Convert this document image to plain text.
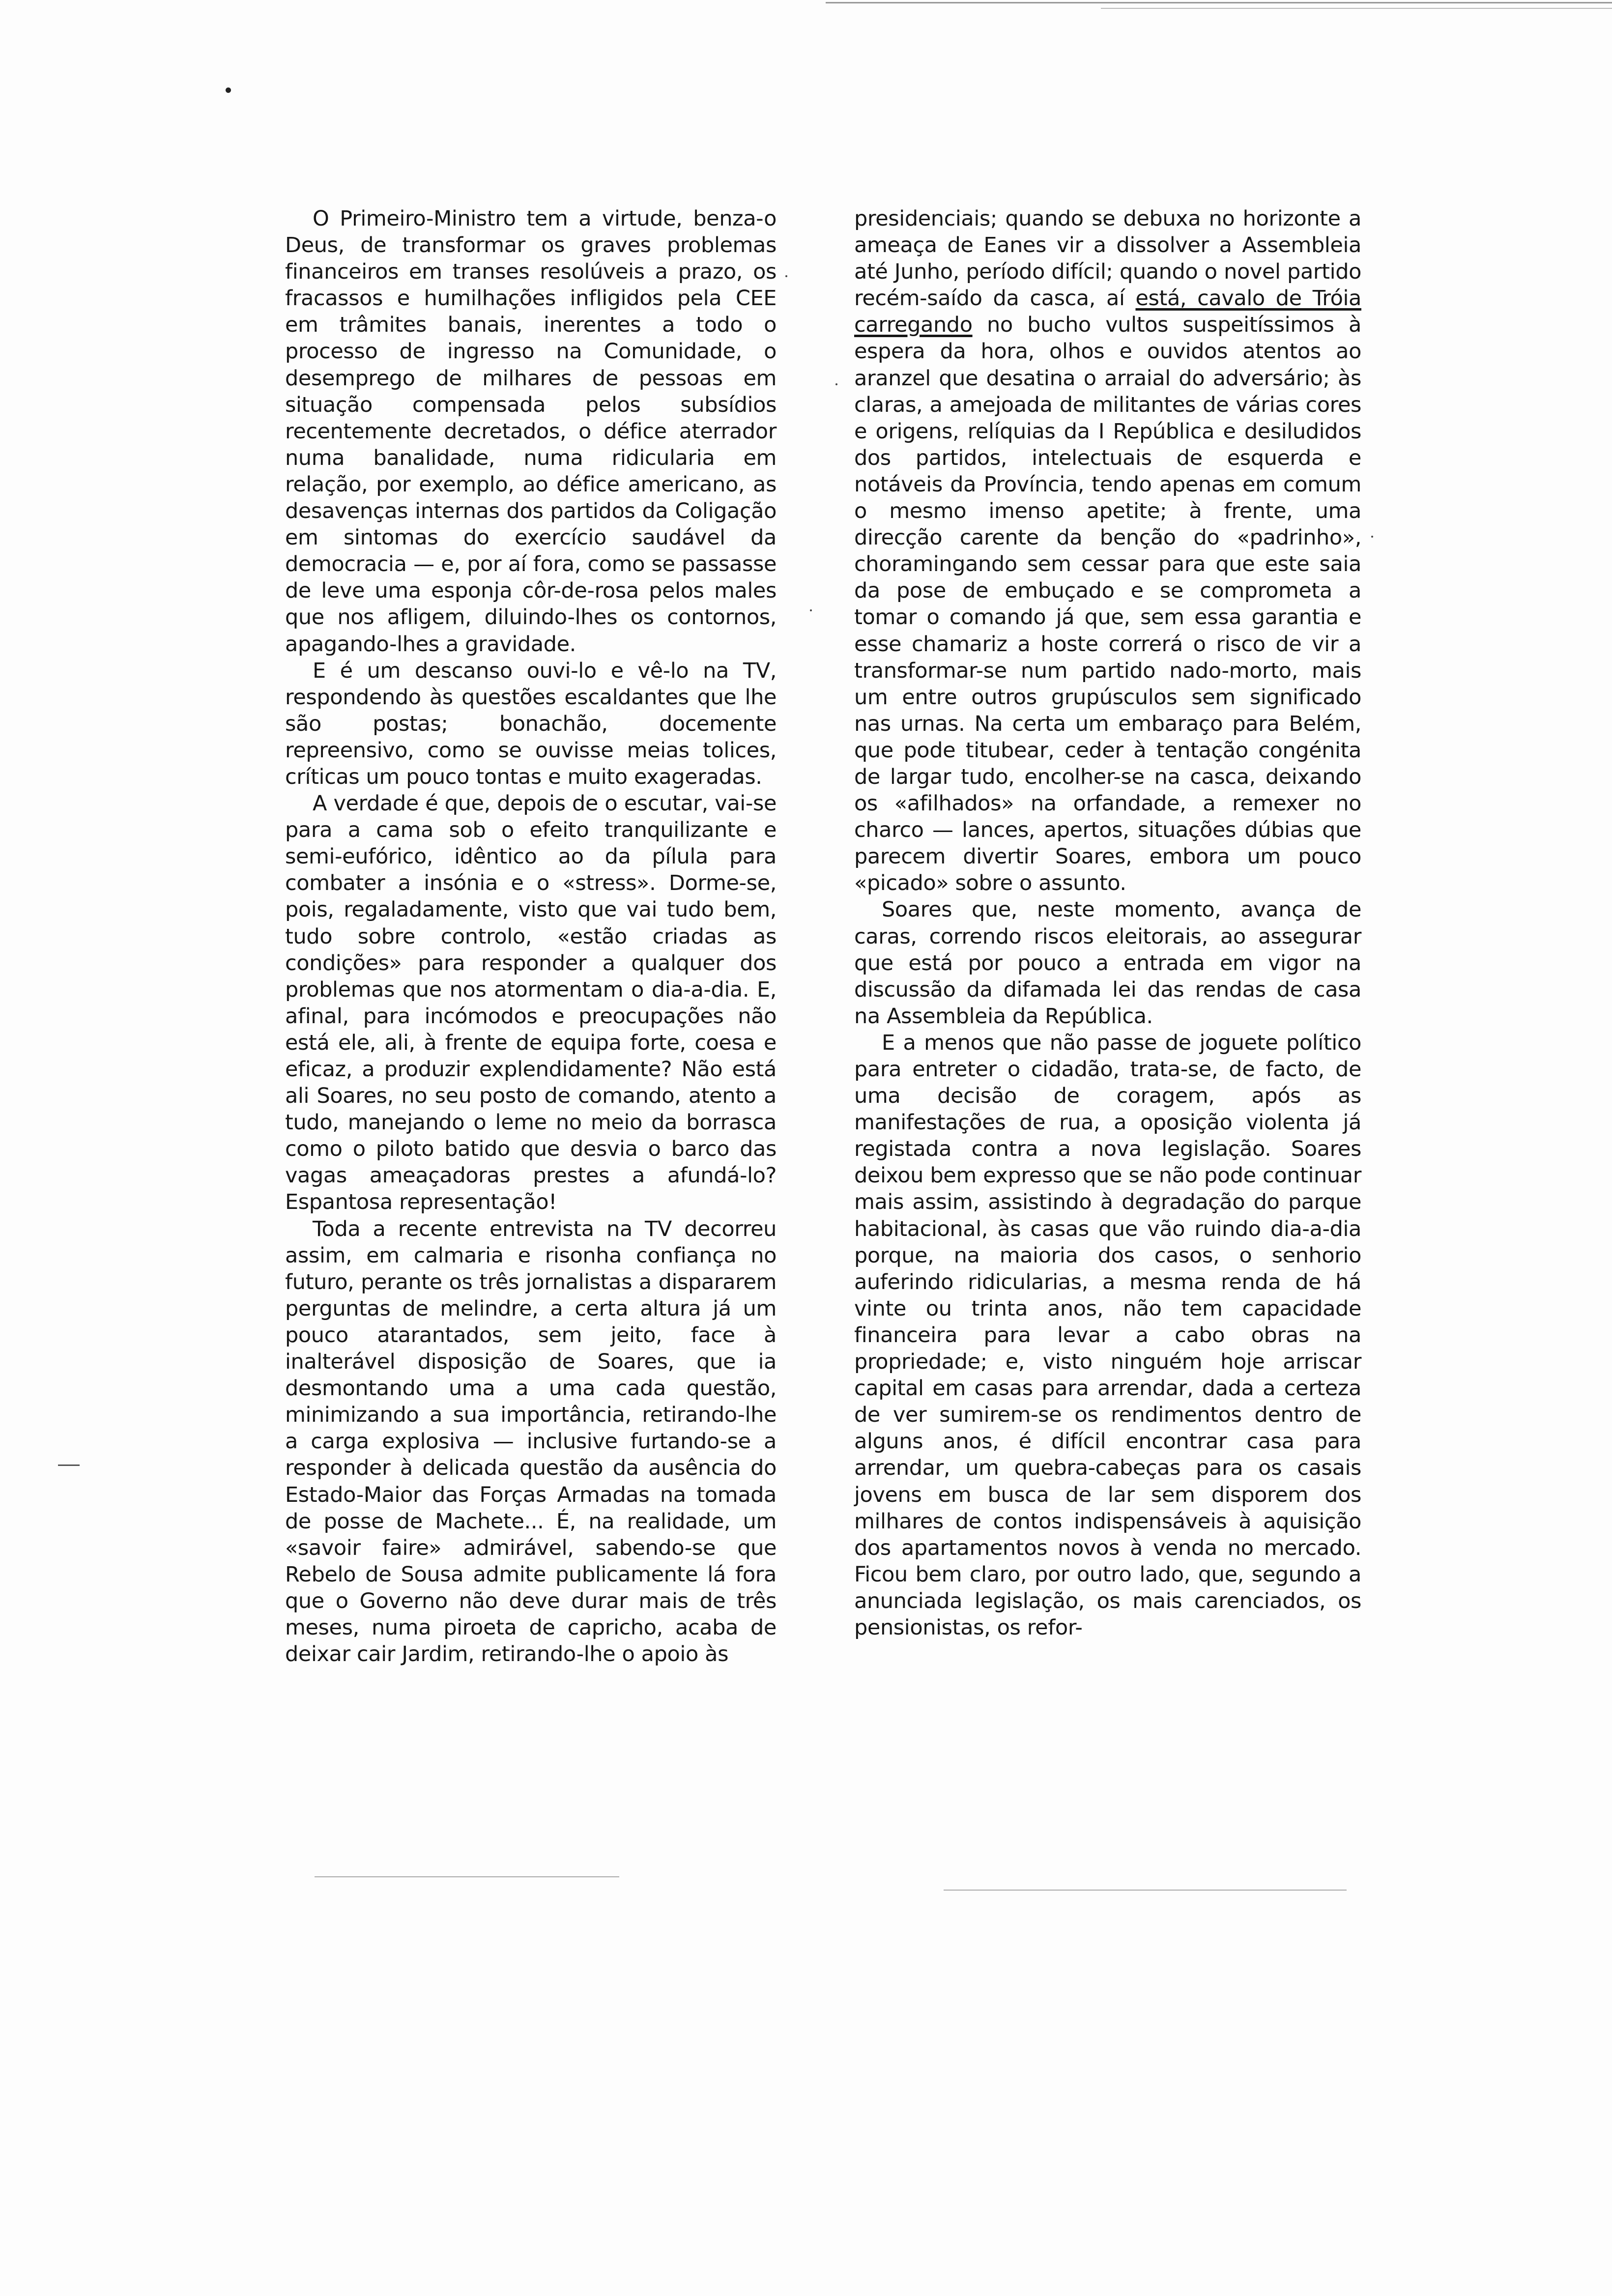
O Primeiro-Ministro tem a virtude, benza-o Deus, de transformar os graves problemas financeiros em transes resolúveis a prazo, os fracassos e humilhações infligidos pela CEE em trâmites banais, inerentes a todo o processo de ingresso na Comunidade, o desemprego de milhares de pessoas em situação compensada pelos subsídios recentemente decretados, o défice aterrador numa banalidade, numa ridicularia em relação, por exemplo, ao défice americano, as desavenças internas dos partidos da Coligação em sintomas do exercício saudável da democracia — e, por aí fora, como se passasse de leve uma esponja côr-de-rosa pelos males que nos afligem, diluindo-lhes os contornos, apagando-lhes a gravidade.

E é um descanso ouvi-lo e vê-lo na TV, respondendo às questões escaldantes que lhe são postas; bonachão, docemente repreensivo, como se ouvisse meias tolices, críticas um pouco tontas e muito exageradas.

A verdade é que, depois de o escutar, vai-se para a cama sob o efeito tranquilizante e semi-eufórico, idêntico ao da pílula para combater a insónia e o «stress». Dorme-se, pois, regaladamente, visto que vai tudo bem, tudo sobre controlo, «estão criadas as condições» para responder a qualquer dos problemas que nos atormentam o dia-a-dia. E, afinal, para incómodos e preocupações não está ele, ali, à frente de equipa forte, coesa e eficaz, a produzir explendidamente? Não está ali Soares, no seu posto de comando, atento a tudo, manejando o leme no meio da borrasca como o piloto batido que desvia o barco das vagas ameaçadoras prestes a afundá-lo? Espantosa representação!

Toda a recente entrevista na TV decorreu assim, em calmaria e risonha confiança no futuro, perante os três jornalistas a dispararem perguntas de melindre, a certa altura já um pouco atarantados, sem jeito, face à inalterável disposição de Soares, que ia desmontando uma a uma cada questão, minimizando a sua importância, retirando-lhe a carga explosiva — inclusive furtando-se a responder à delicada questão da ausência do Estado-Maior das Forças Armadas na tomada de posse de Machete... É, na realidade, um «savoir faire» admirável, sabendo-se que Rebelo de Sousa admite publicamente lá fora que o Governo não deve durar mais de três meses, numa piroeta de capricho, acaba de deixar cair Jardim, retirando-lhe o apoio às

presidenciais; quando se debuxa no horizonte a ameaça de Eanes vir a dissolver a Assembleia até Junho, período difícil; quando o novel partido recém-saído da casca, aí está, cavalo de Tróia carregando no bucho vultos suspeitíssimos à espera da hora, olhos e ouvidos atentos ao aranzel que desatina o arraial do adversário; às claras, a amejoada de militantes de várias cores e origens, relíquias da I República e desiludidos dos partidos, intelectuais de esquerda e notáveis da Província, tendo apenas em comum o mesmo imenso apetite; à frente, uma direcção carente da benção do «padrinho», choramingando sem cessar para que este saia da pose de embuçado e se comprometa a tomar o comando já que, sem essa garantia e esse chamariz a hoste correrá o risco de vir a transformar-se num partido nado-morto, mais um entre outros grupúsculos sem significado nas urnas. Na certa um embaraço para Belém, que pode titubear, ceder à tentação congénita de largar tudo, encolher-se na casca, deixando os «afilhados» na orfandade, a remexer no charco — lances, apertos, situações dúbias que parecem divertir Soares, embora um pouco «picado» sobre o assunto.

Soares que, neste momento, avança de caras, correndo riscos eleitorais, ao assegurar que está por pouco a entrada em vigor na discussão da difamada lei das rendas de casa na Assembleia da República.

E a menos que não passe de joguete político para entreter o cidadão, trata-se, de facto, de uma decisão de coragem, após as manifestações de rua, a oposição violenta já registada contra a nova legislação. Soares deixou bem expresso que se não pode continuar mais assim, assistindo à degradação do parque habitacional, às casas que vão ruindo dia-a-dia porque, na maioria dos casos, o senhorio auferindo ridicularias, a mesma renda de há vinte ou trinta anos, não tem capacidade financeira para levar a cabo obras na propriedade; e, visto ninguém hoje arriscar capital em casas para arrendar, dada a certeza de ver sumirem-se os rendimentos dentro de alguns anos, é difícil encontrar casa para arrendar, um quebra-cabeças para os casais jovens em busca de lar sem disporem dos milhares de contos indispensáveis à aquisição dos apartamentos novos à venda no mercado. Ficou bem claro, por outro lado, que, segundo a anunciada legislação, os mais carenciados, os pensionistas, os refor-
